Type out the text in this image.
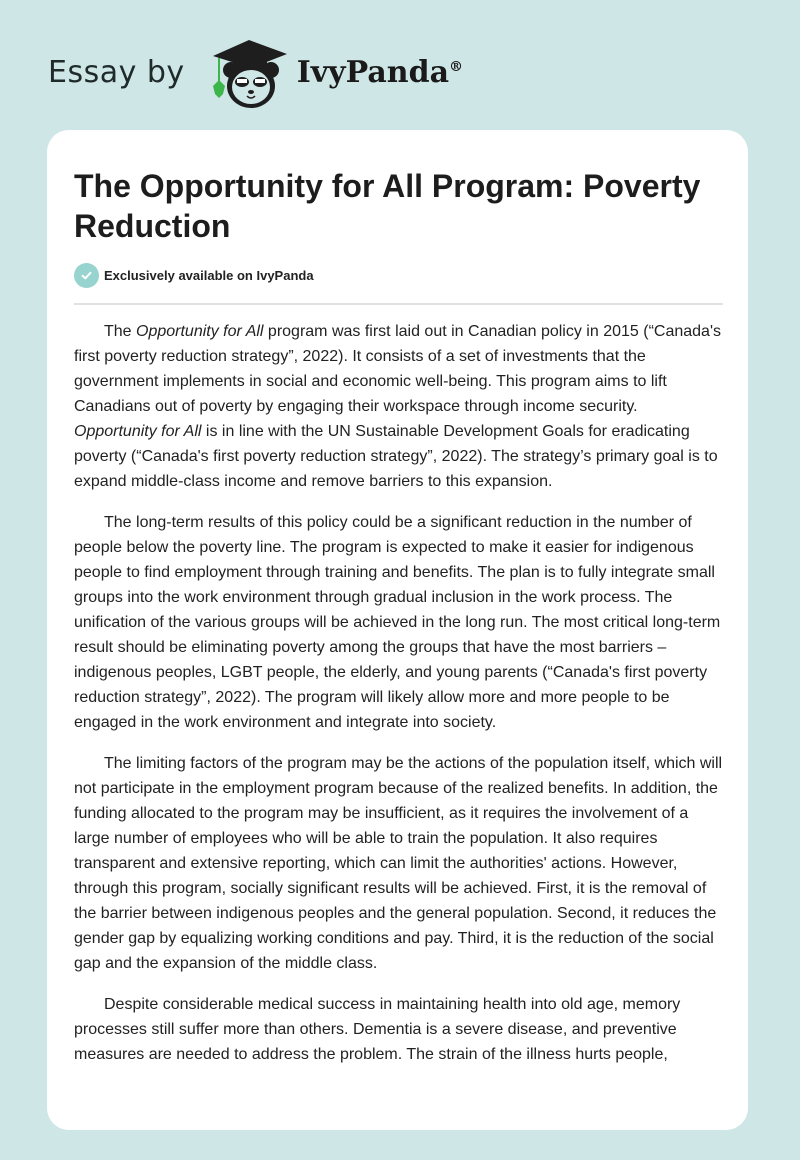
Essay by	IvyPanda®
The Opportunity for All Program: Poverty Reduction
Exclusively available on IvyPanda

The Opportunity for All program was first laid out in Canadian policy in 2015 (“Canada's first poverty reduction strategy”, 2022). It consists of a set of investments that the government implements in social and economic well-being. This program aims to lift Canadians out of poverty by engaging their workspace through income security. Opportunity for All is in line with the UN Sustainable Development Goals for eradicating poverty (“Canada's first poverty reduction strategy”, 2022). The strategy’s primary goal is to expand middle-class income and remove barriers to this expansion.

The long-term results of this policy could be a significant reduction in the number of people below the poverty line. The program is expected to make it easier for indigenous people to find employment through training and benefits. The plan is to fully integrate small groups into the work environment through gradual inclusion in the work process. The unification of the various groups will be achieved in the long run. The most critical long-term result should be eliminating poverty among the groups that have the most barriers – indigenous peoples, LGBT people, the elderly, and young parents (“Canada's first poverty reduction strategy”, 2022). The program will likely allow more and more people to be engaged in the work environment and integrate into society.

The limiting factors of the program may be the actions of the population itself, which will not participate in the employment program because of the realized benefits. In addition, the funding allocated to the program may be insufficient, as it requires the involvement of a large number of employees who will be able to train the population. It also requires transparent and extensive reporting, which can limit the authorities' actions. However, through this program, socially significant results will be achieved. First, it is the removal of the barrier between indigenous peoples and the general population. Second, it reduces the gender gap by equalizing working conditions and pay. Third, it is the reduction of the social gap and the expansion of the middle class.

Despite considerable medical success in maintaining health into old age, memory processes still suffer more than others. Dementia is a severe disease, and preventive measures are needed to address the problem. The strain of the illness hurts people,
